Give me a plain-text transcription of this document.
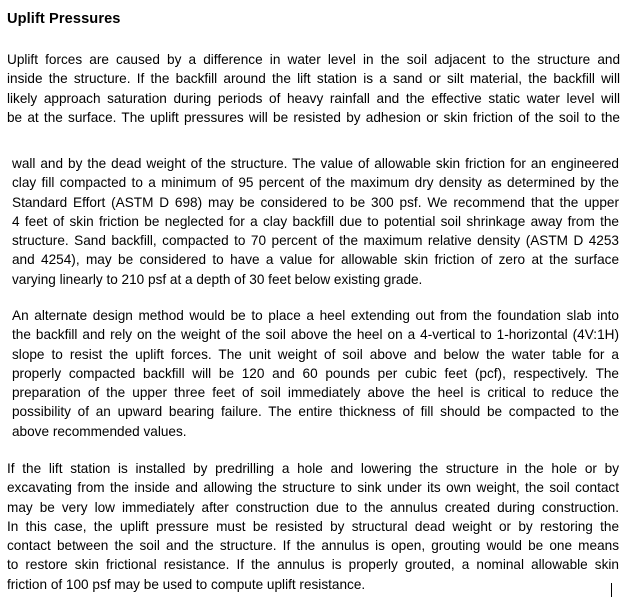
Uplift Pressures
Uplift forces are caused by a difference in water level in the soil adjacent to the structure and
inside the structure. If the backfill around the lift station is a sand or silt material, the backfill will
likely approach saturation during periods of heavy rainfall and the effective static water level will
be at the surface. The uplift pressures will be resisted by adhesion or skin friction of the soil to the
wall and by the dead weight of the structure. The value of allowable skin friction for an engineered
clay fill compacted to a minimum of 95 percent of the maximum dry density as determined by the
Standard Effort (ASTM D 698) may be considered to be 300 psf. We recommend that the upper
4 feet of skin friction be neglected for a clay backfill due to potential soil shrinkage away from the
structure. Sand backfill, compacted to 70 percent of the maximum relative density (ASTM D 4253
and 4254), may be considered to have a value for allowable skin friction of zero at the surface
varying linearly to 210 psf at a depth of 30 feet below existing grade.
An alternate design method would be to place a heel extending out from the foundation slab into
the backfill and rely on the weight of the soil above the heel on a 4-vertical to 1-horizontal (4V:1H)
slope to resist the uplift forces. The unit weight of soil above and below the water table for a
properly compacted backfill will be 120 and 60 pounds per cubic feet (pcf), respectively. The
preparation of the upper three feet of soil immediately above the heel is critical to reduce the
possibility of an upward bearing failure. The entire thickness of fill should be compacted to the
above recommended values.
If the lift station is installed by predrilling a hole and lowering the structure in the hole or by
excavating from the inside and allowing the structure to sink under its own weight, the soil contact
may be very low immediately after construction due to the annulus created during construction.
In this case, the uplift pressure must be resisted by structural dead weight or by restoring the
contact between the soil and the structure. If the annulus is open, grouting would be one means
to restore skin frictional resistance. If the annulus is properly grouted, a nominal allowable skin
friction of 100 psf may be used to compute uplift resistance.
